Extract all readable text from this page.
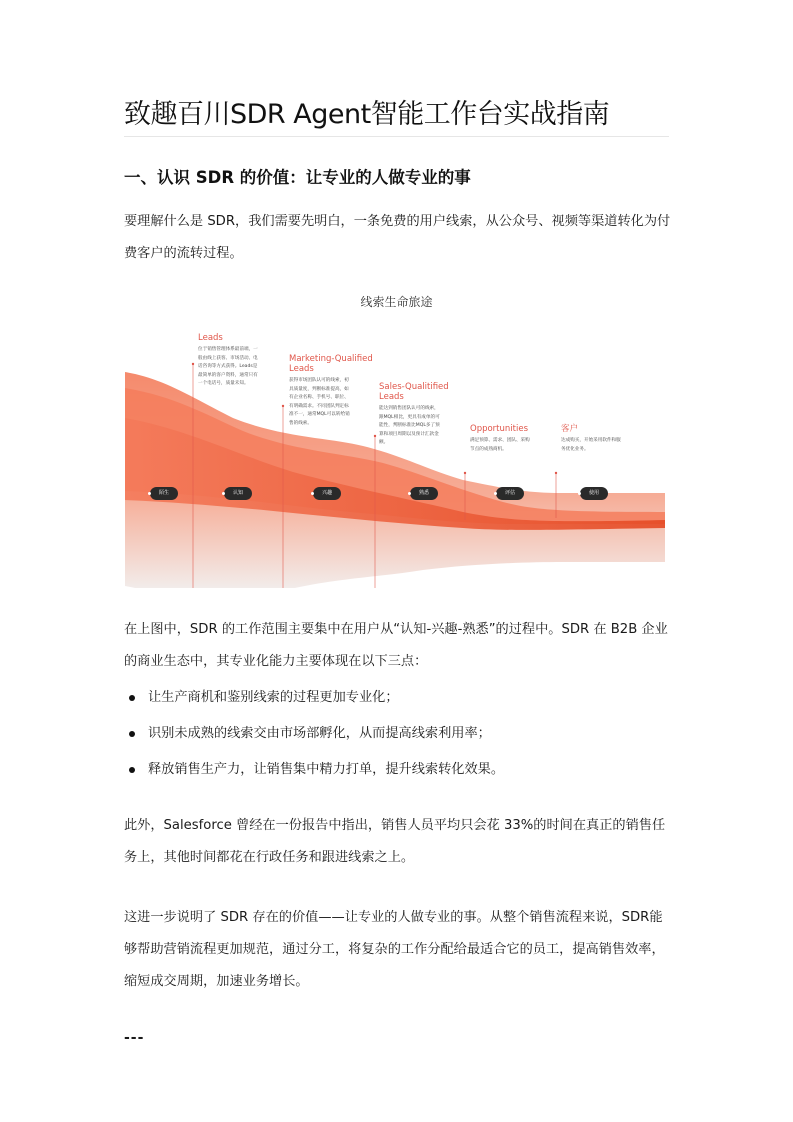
致趣百川SDR Agent智能工作台实战指南
一、认识 SDR 的价值：让专业的人做专业的事

要理解什么是 SDR，我们需要先明白，一条免费的用户线索，从公众号、视频等渠道转化为付费客户的流转过程。

线索生命旅途
Leads
位于销售管理体系最前端，一般由线上获客、市场活动、电话咨询等方式获得。Leads是最简单的客户资料，通常只有一个电话号，质量未知。
Marketing-Qualified Leads
获得市场团队认可的线索，初具质量度，判断标准提高，如有企业名称、手机号、职位、有明确需求。不同团队判定标准不一，通常MQL可以转给销售的线索。
Sales-Qualitified Leads
能达到销售团队认可的线索，跟MQL相比，更具有成单的可能性，判断标准比MQL多了预算和项目周期以及预计汇款金额。
Opportunities
满足预算、需求、团队、采购节点的成熟商机。
客户
达成购买，开始采用软件和服务优化业务。
陌生	认知	兴趣	熟悉	评估	使用

在上图中，SDR 的工作范围主要集中在用户从“认知-兴趣-熟悉”的过程中。SDR 在 B2B 企业的商业生态中，其专业化能力主要体现在以下三点：

让生产商机和鉴别线索的过程更加专业化；
识别未成熟的线索交由市场部孵化，从而提高线索利用率；
释放销售生产力，让销售集中精力打单，提升线索转化效果。

此外，Salesforce 曾经在一份报告中指出，销售人员平均只会花 33%的时间在真正的销售任务上，其他时间都花在行政任务和跟进线索之上。

这进一步说明了 SDR 存在的价值——让专业的人做专业的事。从整个销售流程来说，SDR能够帮助营销流程更加规范，通过分工，将复杂的工作分配给最适合它的员工，提高销售效率，缩短成交周期，加速业务增长。

---
